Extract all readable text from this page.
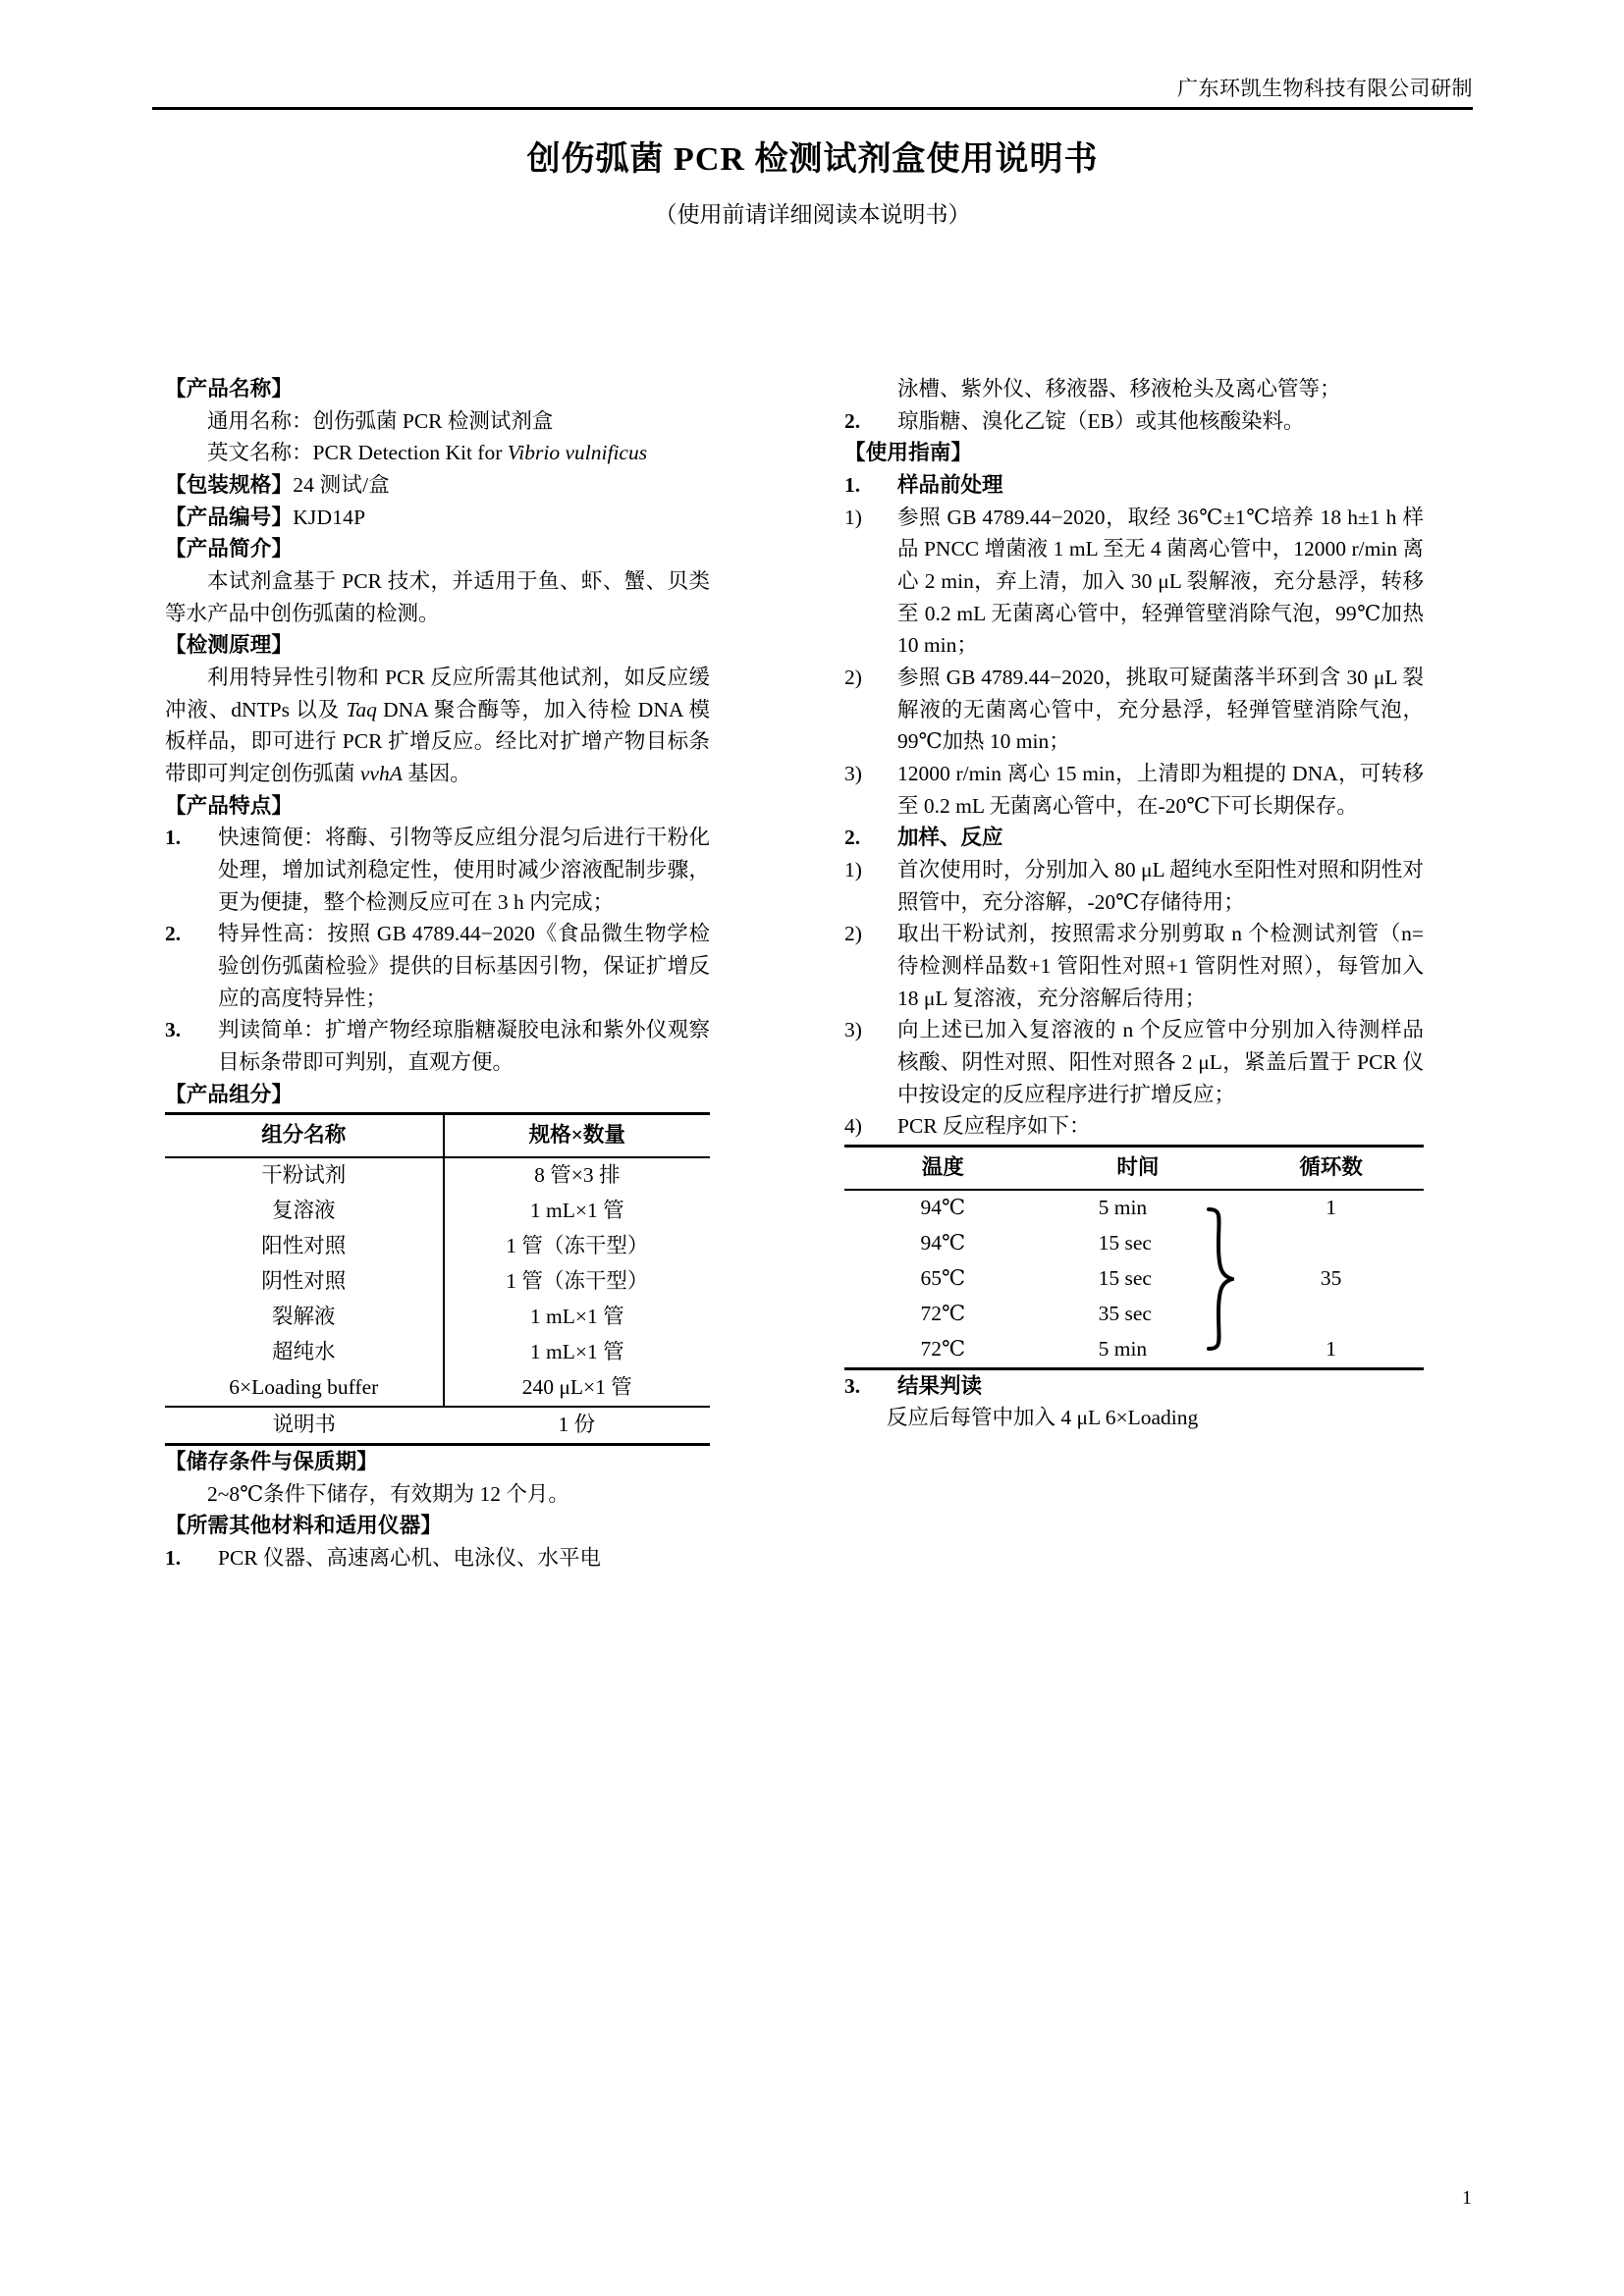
广东环凯生物科技有限公司研制
创伤弧菌 PCR 检测试剂盒使用说明书
（使用前请详细阅读本说明书）
【产品名称】
通用名称：创伤弧菌 PCR 检测试剂盒
英文名称：PCR Detection Kit for Vibrio vulnificus
【包装规格】24 测试/盒
【产品编号】KJD14P
【产品简介】
本试剂盒基于 PCR 技术，并适用于鱼、虾、蟹、贝类等水产品中创伤弧菌的检测。
【检测原理】
利用特异性引物和 PCR 反应所需其他试剂，如反应缓冲液、dNTPs 以及 Taq DNA 聚合酶等，加入待检 DNA 模板样品，即可进行 PCR 扩增反应。经比对扩增产物目标条带即可判定创伤弧菌 vvhA 基因。
【产品特点】
1.	快速简便：将酶、引物等反应组分混匀后进行干粉化处理，增加试剂稳定性，使用时减少溶液配制步骤，更为便捷，整个检测反应可在 3 h 内完成；
2.	特异性高：按照 GB 4789.44−2020《食品微生物学检验创伤弧菌检验》提供的目标基因引物，保证扩增反应的高度特异性；
3.	判读简单：扩增产物经琼脂糖凝胶电泳和紫外仪观察目标条带即可判别，直观方便。
【产品组分】
组分名称	规格×数量
干粉试剂	8 管×3 排
复溶液	1 mL×1 管
阳性对照	1 管（冻干型）
阴性对照	1 管（冻干型）
裂解液	1 mL×1 管
超纯水	1 mL×1 管
6×Loading buffer	240 μL×1 管
说明书	1 份
【储存条件与保质期】
2~8℃条件下储存，有效期为 12 个月。
【所需其他材料和适用仪器】
1.	PCR 仪器、高速离心机、电泳仪、水平电
泳槽、紫外仪、移液器、移液枪头及离心管等；
2.	琼脂糖、溴化乙锭（EB）或其他核酸染料。
【使用指南】
1.	样品前处理
1)	参照 GB 4789.44−2020，取经 36℃±1℃培养 18 h±1 h 样品 PNCC 增菌液 1 mL 至无 4 菌离心管中，12000 r/min 离心 2 min，弃上清，加入 30 μL 裂解液，充分悬浮，转移至 0.2 mL 无菌离心管中，轻弹管壁消除气泡，99℃加热 10 min；
2)	参照 GB 4789.44−2020，挑取可疑菌落半环到含 30 μL 裂解液的无菌离心管中，充分悬浮，轻弹管壁消除气泡，99℃加热 10 min；
3)	12000 r/min 离心 15 min，上清即为粗提的 DNA，可转移至 0.2 mL 无菌离心管中，在-20℃下可长期保存。
2.	加样、反应
1)	首次使用时，分别加入 80 μL 超纯水至阳性对照和阴性对照管中，充分溶解，-20℃存储待用；
2)	取出干粉试剂，按照需求分别剪取 n 个检测试剂管（n=待检测样品数+1 管阳性对照+1 管阴性对照），每管加入 18 μL 复溶液，充分溶解后待用；
3)	向上述已加入复溶液的 n 个反应管中分别加入待测样品核酸、阴性对照、阳性对照各 2 μL，紧盖后置于 PCR 仪中按设定的反应程序进行扩增反应；
4)	PCR 反应程序如下：
温度	时间	循环数
94℃	5 min	1
94℃	15 sec	35
65℃	15 sec	
72℃	35 sec	
72℃	5 min	1
3.	结果判读
反应后每管中加入 4 μL 6×Loading
1
